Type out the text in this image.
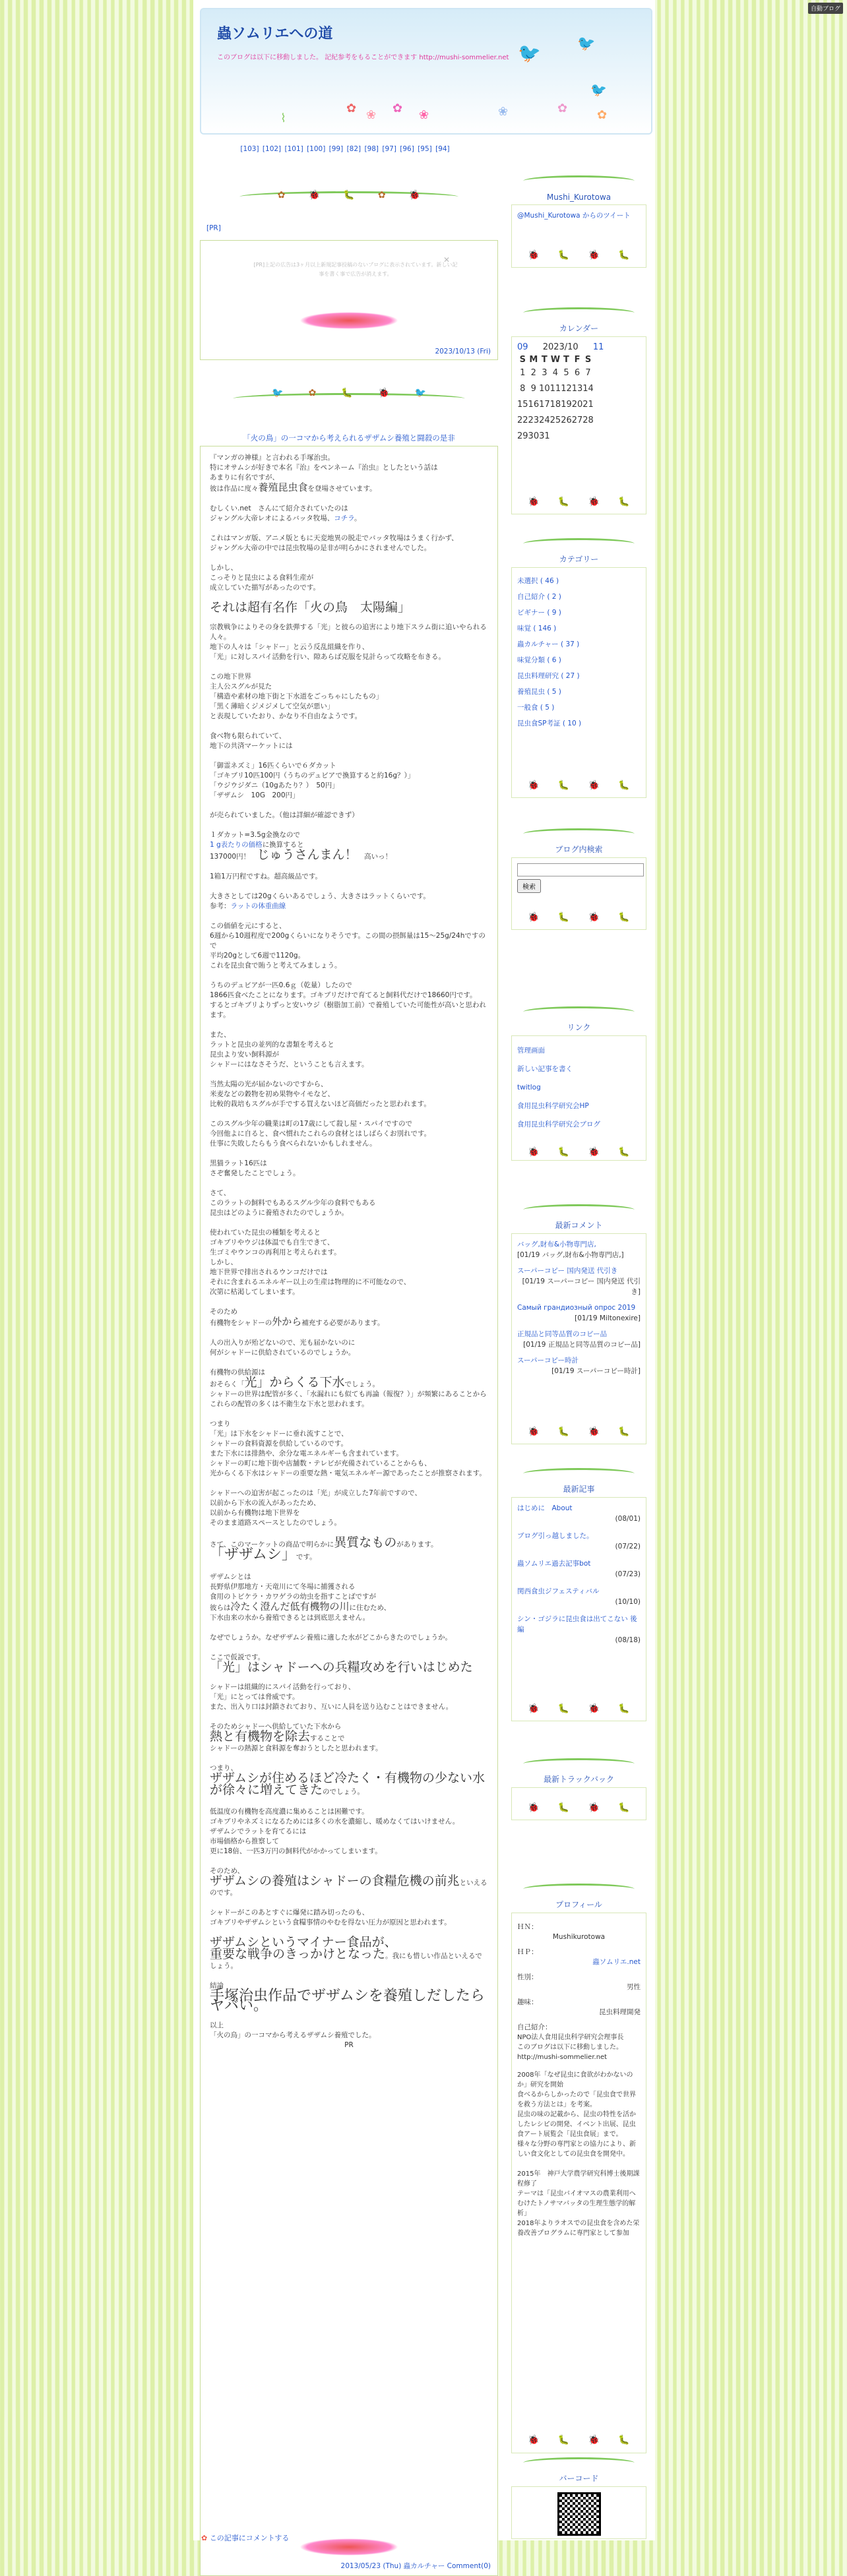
自動ブログ
蟲ソムリエへの道
このブログは以下に移動しました。 記紀参考をもることができます http://mushi-sommelier.net
✿ ❀ ✿ ❀	❀	✿ ✿
⌇
🐦	🐦
🐦
[103] [102] [101] [100] [99] [82] [98] [97] [96] [95] [94]
✿	🐞	🐛	✿	🐞
[PR]
[PR]上記の広告は3ヶ月以上新規記事投稿のないブログに表示されています。新しい記事を書く事で広告が消えます。
✕
2023/10/13 (Fri)
🐦	✿	🐛	🐞	🐦
「火の鳥」の一コマから考えられるザザムシ養殖と闘殺の是非

『マンガの神様』と言われる手塚治虫。
特にオサムシが好きで本名『治』をペンネーム『治虫』としたという話は
あまりに有名ですが、
彼は作品に度々養殖昆虫食を登場させています。

むしくい.net　さんにて紹介されていたのは
ジャングル大帝レオによるバッタ牧場、コチラ。

これはマンガ版、アニメ版ともに天変地異の脱走でバッタ牧場はうまく行かず、
ジャングル大帝の中では昆虫牧場の是非が明らかにされませんでした。

しかし、
こっそりと昆虫による食料生産が
成立していた描写があったのです。

それは超有名作「火の鳥　太陽編」

宗教戦争によりその身を鉄弾する「光」と彼らの追害により地下スラム街に追いやられる人々。
地下の人々は「シャドー」と云う反乱組織を作り、
「光」に対しスパイ活動を行い、隙あらば克服を見計らって攻略を布きる。

この地下世界
主人公スグルが見た
「構造や素材の地下街と下水道をごっちゃにしたもの」
「黒く薄暗くジメジメして空気が悪い」
と表現していたおり、かなり不自由なようです。

食べ物も限られていて、
地下の共済マーケットには

「御霊ネズミ」16匹くらいで６ダカット
「ゴキブリ10匹100円（うちのデュビアで換算すると約16g？）」
「ウジウジダニ（10gあたり？）　50円」
「ザザムシ　10G　200円」

が売られていました。（他は詳細が確認できず）

１ダカット=3.5g金換なので
1 g表たりの価格に換算すると
137000円！　 じゅうさんまん！　 高いっ！

1箱1万円程ですね。超高級品です。

大きさとしては20gくらいあるでしょう、大きさはラットくらいです。
参考：ラットの体重曲線

この価値を元にすると、
6週から10週程度で200gくらいになりそうです。この間の摂餌量は15〜25g/24hですので
平均20gとして6週で1120g。
これを昆虫食で賄うと考えてみましょう。

うちのデュビアが一匹0.6ｇ（乾量）したので
1866匹食べたことになります。ゴキブリだけで育てると飼料代だけで18660円です。
するとゴキブリよりずっと安いウジ（樹脂加工前）で養殖していた可能性が高いと思われます。

また、
ラットと昆虫の並列的な書類を考えると
昆虫より安い飼料源が
シャドーにはなさそうだ、ということも言えます。

当然太陽の光が届かないのですから、
米麦などの穀物を初め果物やイモなど、
比較的栽培もスグルが手でする買えないほど高価だったと思われます。

このスグル少年の職業は町の17歳にして殺し屋・スパイですので
今回他よに自ると、食べ慣れたこれらの食材とはしばらくお別れです。
仕事に失敗したらもう食べられないかもしれません。

黒猫ラット16匹は
さぞ奮発したことでしょう。

さて、
このラットの飼料でもあるスグル少年の食料でもある
昆虫はどのように養殖されたのでしょうか。

使われていた昆虫の種類を考えると
ゴキブリやウジは体温でも自生できて、
生ゴミやウンコの再利用と考えられます。
しかし、
地下世界で排出されるウンコだけでは
それに含まれるエネルギー以上の生産は物理的に不可能なので、
次第に枯渇してしまいます。

そのため
有機物をシャドーの外から補充する必要があります。

人の出入りが殆どないので、光も届かないのに
何がシャドーに供給されているのでしょうか。

有機物の供給源は

おそらく「光」からくる下水でしょう。
シャドーの世界は配管が多く、「水漏れにも似ても再論（報復？）」が頻繁にあることから
これらの配管の多くは不衛生な下水と思われます。

つまり
「光」は下水をシャドーに垂れ流すことで、
シャドーの食料資源を供給しているのです。
また下水には排熱や、余分な電エネルギーも含まれています。
シャドーの町に地下街や店舗数・テレビが充備されていることからも、
光からくる下水はシャドーの重要な熱・電気エネルギー源であったことが推察されます。

シャドーへの迫害が起こったのは「光」が成立した7年前ですので、
以前から下水の流入があったため、
以前から有機物は地下世界を
そのまま道路スペースとしたのでしょう。

さて、このマーケットの商品で明らかに異質なものがあります。

「ザザムシ」です。

ザザムシとは
長野県伊那地方・天竜川にて冬場に捕獲される
食用のトビケラ・カワゲラの幼虫を指すことばですが
彼らは冷たく澄んだ低有機物の川に住むため、
下水由来の水から養殖できるとは到底思えません。

なぜでしょうか。なぜザザムシ養殖に適した水がどこからきたのでしょうか。

ここで仮説です。

「光」はシャドーへの兵糧攻めを行いはじめた

シャドーは組織的にスパイ活動を行っており、
「光」にとっては脅威です。
また、出入り口は封鎖されており、互いに人員を送り込むことはできません。

そのためシャドーへ供給していた下水から
熱と有機物を除去することで
シャドーの熱源と食料源を奪おうとしたと思われます。

つまり、
ザザムシが住めるほど冷たく・有機物の少ない水が徐々に増えてきたのでしょう。

低温度の有機物を高度濃に集めることは困難です。
ゴキブリやネズミになるためには多くの水を濃縮し、暖めなくてはいけません。
ザザムシでラットを育てるには
市場価格から推察して
更に18倍、一匹3万円の飼料代がかかってしまいます。

そのため、
ザザムシの養殖はシャドーの食糧危機の前兆といえるのです。

シャドーがこのあとすぐに爆発に踏み切ったのも、
ゴキブリやザザムシという食糧事情のやむを得ない圧力が原因と思われます。

ザザムシというマイナー食品が、
重要な戦争のきっかけとなった。我にも惜しい作品といえるでしょう。

結論

手塚治虫作品でザザムシを養殖しだしたらヤバい。

以上
「火の鳥」の一コマから考えるザザムシ養殖でした。

PR

2013/05/23 (Thu) 蟲カルチャー Comment(0)
✿ この記事にコメントする
Mushi_Kurotowa
@Mushi_Kurotowa からのツイート
🐞 🐛 🐞 🐛
カレンダー
09 2023/10 11
S	M	T	W	T	F	S
1	2	3	4	5	6	7
8	9	10	11	12	13	14
15	16	17	18	19	20	21
22	23	24	25	26	27	28
29	30	31				
🐞 🐛 🐞 🐛
カテゴリー
未選択 ( 46 )
自己紹介 ( 2 )
ビギナー ( 9 )
味覚 ( 146 )
蟲カルチャー ( 37 )
味覚分類 ( 6 )
昆虫料理研究 ( 27 )
養殖昆虫 ( 5 )
一般食 ( 5 )
昆虫食SP考証 ( 10 )
🐞 🐛 🐞 🐛
ブログ内検索
検索
🐞 🐛 🐞 🐛
リンク
管理画面
新しい記事を書く
twitlog
食用昆虫科学研究会HP
食用昆虫科学研究会ブログ
🐞 🐛 🐞 🐛
最新コメント
バッグ,財布&小物専門店,
[01/19 バッグ,財布&小物専門店,]
スーパーコピー 国内発送 代引き
[01/19 スーパーコピー 国内発送 代引き]
Самый грандиозный опрос 2019
[01/19 Miltonexire]
正規品と同等品質のコピー品
[01/19 正規品と同等品質のコピー品]
スーパーコピー時計
[01/19 スーパーコピー時計]
🐞 🐛 🐞 🐛
最新記事
はじめに　About
(08/01)
ブログ引っ越しました。
(07/22)
蟲ソムリエ過去記事bot
(07/23)
関西食虫ジフェスティバル
(10/10)
シン・ゴジラに昆虫食は出てこない 後編
(08/18)
🐞 🐛 🐞 🐛
最新トラックバック
🐞 🐛 🐞 🐛
プロフィール
ＨＮ：
Mushikurotowa
ＨＰ：
蟲ソムリエ.net
性別：
男性
趣味：
昆虫料理開発
自己紹介：
NPO法人食用昆虫科学研究会理事長
このブログは以下に移動しました。http://mushi-sommelier.net
2008年「なぜ昆虫に食欲がわかないのか」研究を開始
食べるからしかったので「昆虫食で世界を救う方法とは」を考案。
昆虫の味の記載から、昆虫の特性を活かしたレシピの開発、イベント出展、昆虫食アート展覧会「昆虫食展」まで。
様々な分野の専門家との協力により、新しい食文化としての昆虫食を開発中。

2015年　神戸大学農学研究科博士後期課程修了
テーマは「昆虫バイオマスの農業利用へむけたトノサマバッタの生理生態学的解析」
2018年よりラオスでの昆虫食を含めた栄養改善プログラムに専門家として参加
🐞 🐛 🐞 🐛
バーコード
